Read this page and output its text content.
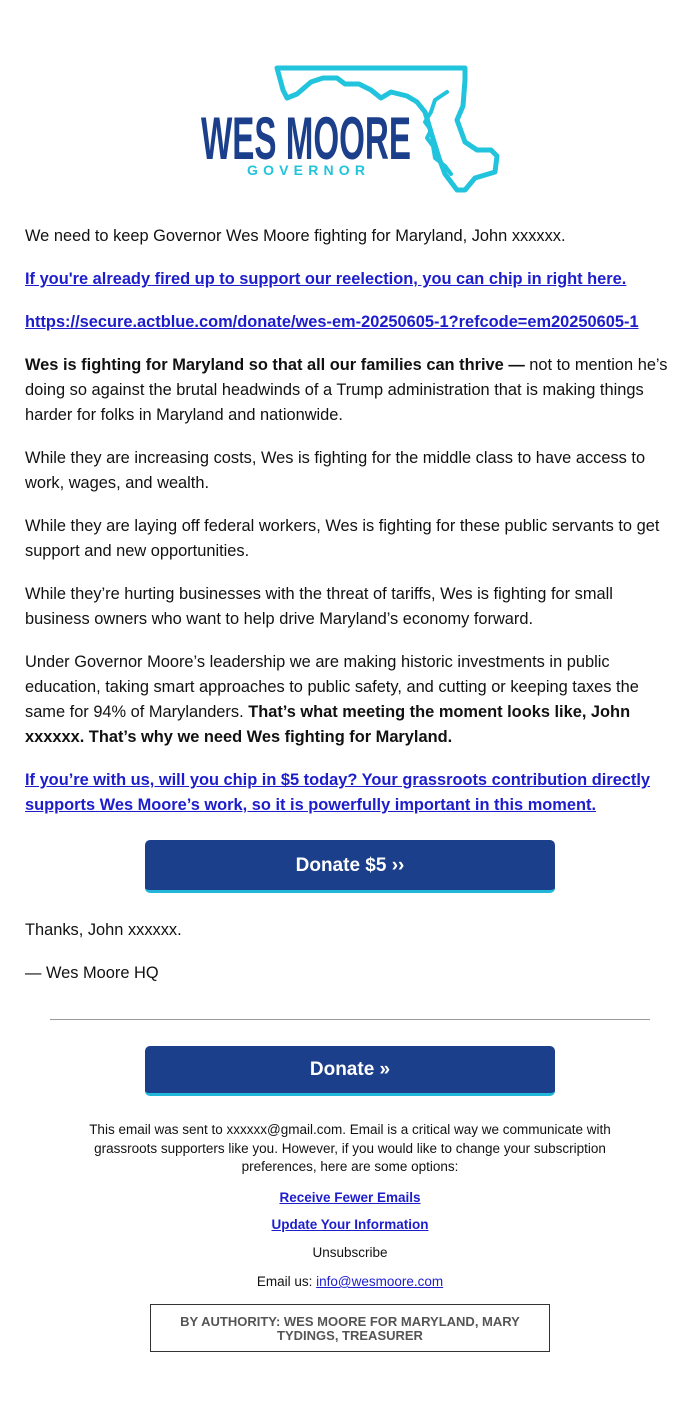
WES MOORE
GOVERNOR

We need to keep Governor Wes Moore fighting for Maryland, John xxxxxx.

If you're already fired up to support our reelection, you can chip in right here.

https://secure.actblue.com/donate/wes-em-20250605-1?refcode=em20250605-1

Wes is fighting for Maryland so that all our families can thrive — not to mention he’s doing so against the brutal headwinds of a Trump administration that is making things harder for folks in Maryland and nationwide.

While they are increasing costs, Wes is fighting for the middle class to have access to work, wages, and wealth.

While they are laying off federal workers, Wes is fighting for these public servants to get support and new opportunities.

While they’re hurting businesses with the threat of tariffs, Wes is fighting for small business owners who want to help drive Maryland’s economy forward.

Under Governor Moore’s leadership we are making historic investments in public education, taking smart approaches to public safety, and cutting or keeping taxes the same for 94% of Marylanders. That’s what meeting the moment looks like, John xxxxxx. That’s why we need Wes fighting for Maryland.

If you’re with us, will you chip in $5 today? Your grassroots contribution directly supports Wes Moore’s work, so it is powerfully important in this moment.

Donate $5 ››

Thanks, John xxxxxx.

— Wes Moore HQ

Donate »

This email was sent to xxxxxx@gmail.com. Email is a critical way we communicate with grassroots supporters like you. However, if you would like to change your subscription preferences, here are some options:

Receive Fewer Emails
Update Your Information

Unsubscribe

Email us: info@wesmoore.com

BY AUTHORITY: WES MOORE FOR MARYLAND, MARY TYDINGS, TREASURER
